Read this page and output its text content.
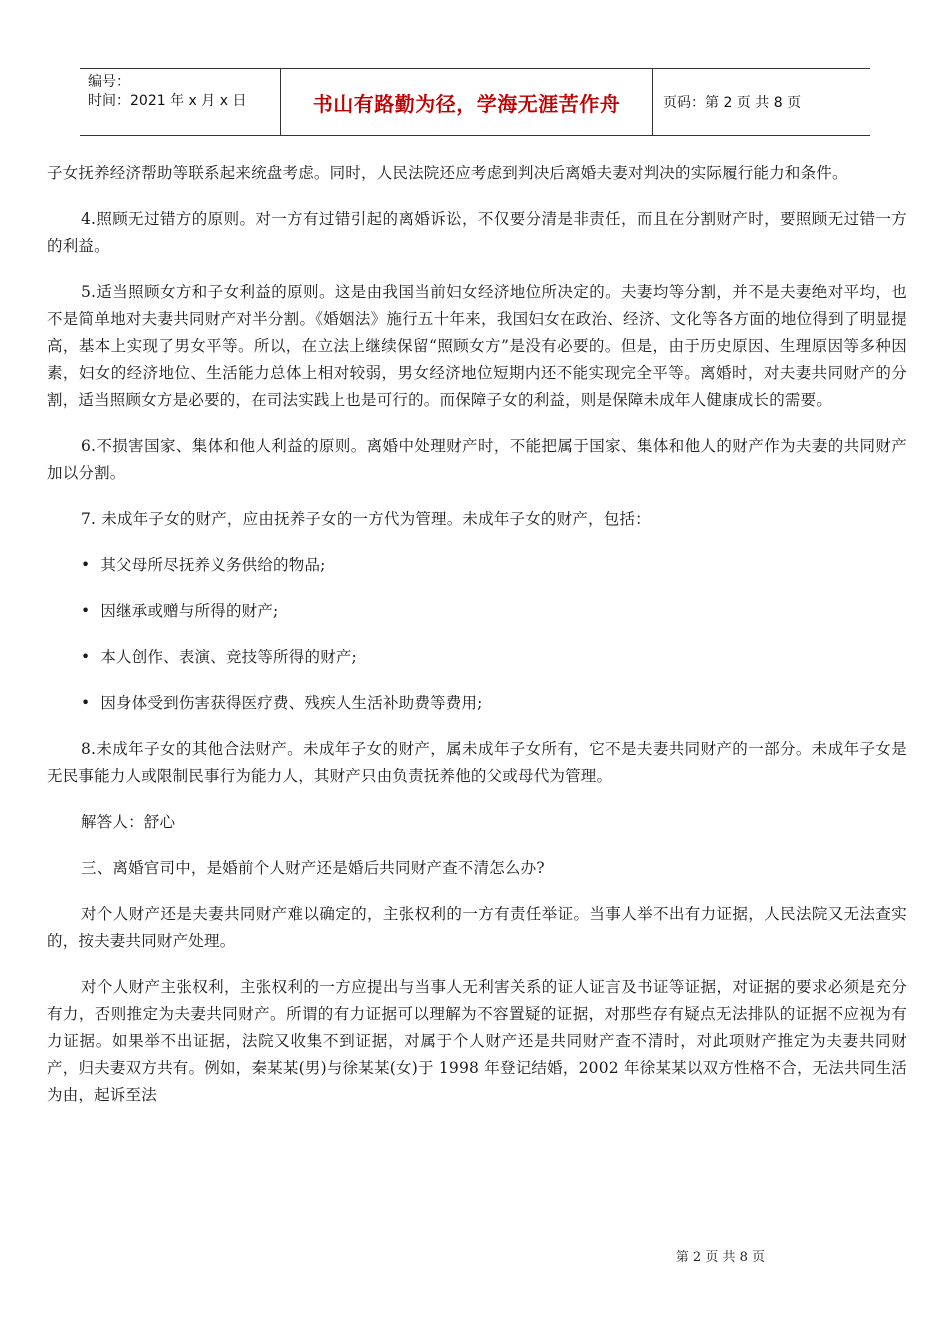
编号：
时间：2021 年 x 月 x 日	书山有路勤为径，学海无涯苦作舟	页码：第 2 页 共 8 页

子女抚养经济帮助等联系起来统盘考虑。同时，人民法院还应考虑到判决后离婚夫妻对判决的实际履行能力和条件。

4.照顾无过错方的原则。对一方有过错引起的离婚诉讼，不仅要分清是非责任，而且在分割财产时，要照顾无过错一方的利益。

5.适当照顾女方和子女利益的原则。这是由我国当前妇女经济地位所决定的。夫妻均等分割，并不是夫妻绝对平均，也不是简单地对夫妻共同财产对半分割。《婚姻法》施行五十年来，我国妇女在政治、经济、文化等各方面的地位得到了明显提高，基本上实现了男女平等。所以，在立法上继续保留“照顾女方”是没有必要的。但是，由于历史原因、生理原因等多种因素，妇女的经济地位、生活能力总体上相对较弱，男女经济地位短期内还不能实现完全平等。离婚时，对夫妻共同财产的分割，适当照顾女方是必要的，在司法实践上也是可行的。而保障子女的利益，则是保障未成年人健康成长的需要。

6.不损害国家、集体和他人利益的原则。离婚中处理财产时，不能把属于国家、集体和他人的财产作为夫妻的共同财产加以分割。

7. 未成年子女的财产，应由抚养子女的一方代为管理。未成年子女的财产，包括：

• 其父母所尽抚养义务供给的物品;

• 因继承或赠与所得的财产;

• 本人创作、表演、竞技等所得的财产;

• 因身体受到伤害获得医疗费、残疾人生活补助费等费用;

8.未成年子女的其他合法财产。未成年子女的财产，属未成年子女所有，它不是夫妻共同财产的一部分。未成年子女是无民事能力人或限制民事行为能力人，其财产只由负责抚养他的父或母代为管理。

解答人：舒心

三、离婚官司中，是婚前个人财产还是婚后共同财产查不清怎么办?

对个人财产还是夫妻共同财产难以确定的，主张权利的一方有责任举证。当事人举不出有力证据，人民法院又无法查实的，按夫妻共同财产处理。

对个人财产主张权利，主张权利的一方应提出与当事人无利害关系的证人证言及书证等证据，对证据的要求必须是充分有力，否则推定为夫妻共同财产。所谓的有力证据可以理解为不容置疑的证据，对那些存有疑点无法排队的证据不应视为有力证据。如果举不出证据，法院又收集不到证据，对属于个人财产还是共同财产查不清时，对此项财产推定为夫妻共同财产，归夫妻双方共有。例如，秦某某(男)与徐某某(女)于 1998 年登记结婚，2002 年徐某某以双方性格不合，无法共同生活为由，起诉至法

第 2 页 共 8 页
